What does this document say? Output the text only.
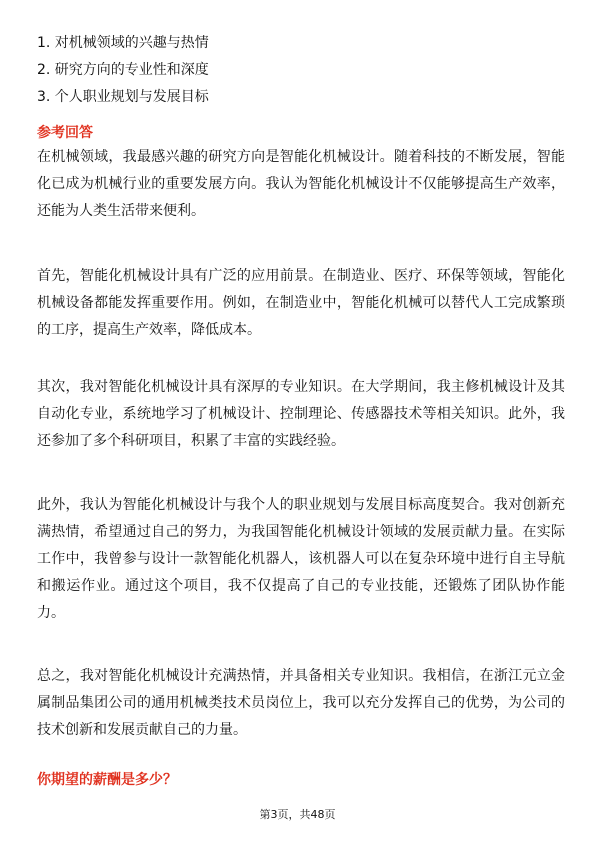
1. 对机械领域的兴趣与热情
2. 研究方向的专业性和深度
3. 个人职业规划与发展目标
参考回答

在机械领域，我最感兴趣的研究方向是智能化机械设计。随着科技的不断发展，智能化已成为机械行业的重要发展方向。我认为智能化机械设计不仅能够提高生产效率，还能为人类生活带来便利。

首先，智能化机械设计具有广泛的应用前景。在制造业、医疗、环保等领域，智能化机械设备都能发挥重要作用。例如，在制造业中，智能化机械可以替代人工完成繁琐的工序，提高生产效率，降低成本。

其次，我对智能化机械设计具有深厚的专业知识。在大学期间，我主修机械设计及其自动化专业，系统地学习了机械设计、控制理论、传感器技术等相关知识。此外，我还参加了多个科研项目，积累了丰富的实践经验。

此外，我认为智能化机械设计与我个人的职业规划与发展目标高度契合。我对创新充满热情，希望通过自己的努力，为我国智能化机械设计领域的发展贡献力量。在实际工作中，我曾参与设计一款智能化机器人，该机器人可以在复杂环境中进行自主导航和搬运作业。通过这个项目，我不仅提高了自己的专业技能，还锻炼了团队协作能力。

总之，我对智能化机械设计充满热情，并具备相关专业知识。我相信，在浙江元立金属制品集团公司的通用机械类技术员岗位上，我可以充分发挥自己的优势，为公司的技术创新和发展贡献自己的力量。

你期望的薪酬是多少？
第3页，共48页
